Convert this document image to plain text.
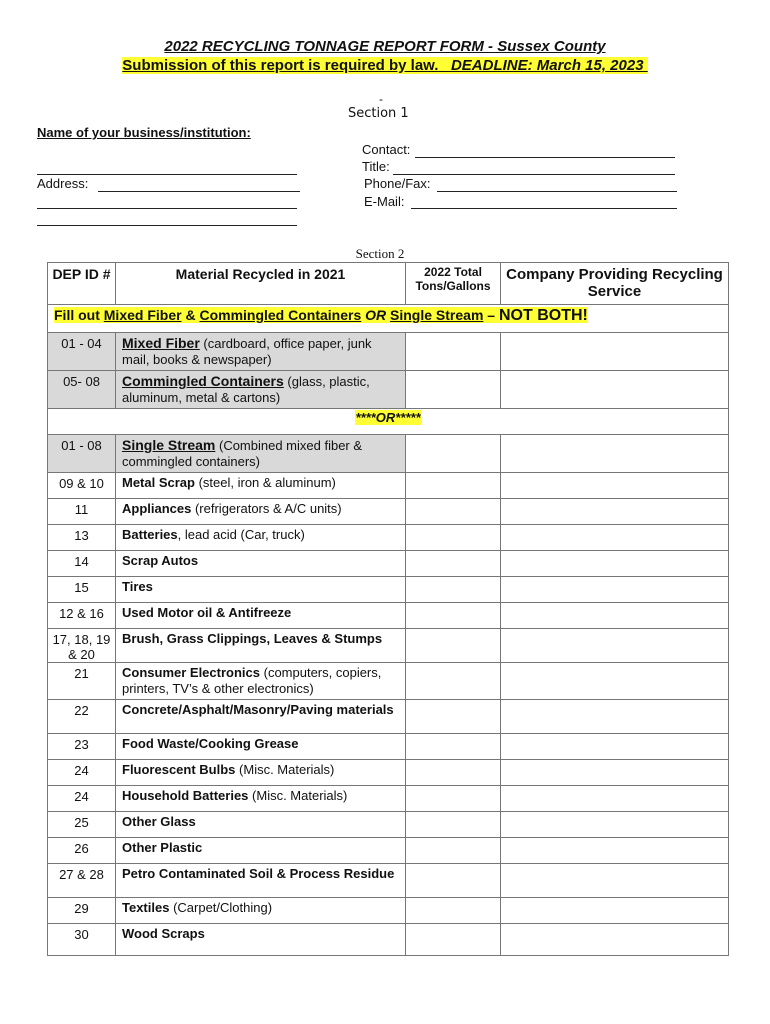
2022 RECYCLING TONNAGE REPORT FORM - Sussex County
Submission of this report is required by law. DEADLINE: March 15, 2023
-
Section 1
Name of your business/institution:
Address:
Contact:
Title:
Phone/Fax:
E-Mail:
Section 2
DEP ID #	Material Recycled in 2021	2022 Total Tons/Gallons	Company Providing Recycling Service
Fill out Mixed Fiber & Commingled Containers OR Single Stream – NOT BOTH!			
01 - 04	Mixed Fiber (cardboard, office paper, junk mail, books & newspaper)		
05- 08	Commingled Containers (glass, plastic, aluminum, metal & cartons)		
****OR*****			
01 - 08	Single Stream (Combined mixed fiber & commingled containers)		
09 & 10	Metal Scrap (steel, iron & aluminum)		
11	Appliances (refrigerators & A/C units)		
13	Batteries, lead acid (Car, truck)		
14	Scrap Autos		
15	Tires		
12 & 16	Used Motor oil & Antifreeze		
17, 18, 19 & 20	Brush, Grass Clippings, Leaves & Stumps		
21	Consumer Electronics (computers, copiers, printers, TV’s & other electronics)		
22	Concrete/Asphalt/Masonry/Paving materials		
23	Food Waste/Cooking Grease		
24	Fluorescent Bulbs (Misc. Materials)		
24	Household Batteries (Misc. Materials)		
25	Other Glass		
26	Other Plastic		
27 & 28	Petro Contaminated Soil & Process Residue		
29	Textiles (Carpet/Clothing)		
30	Wood Scraps		
